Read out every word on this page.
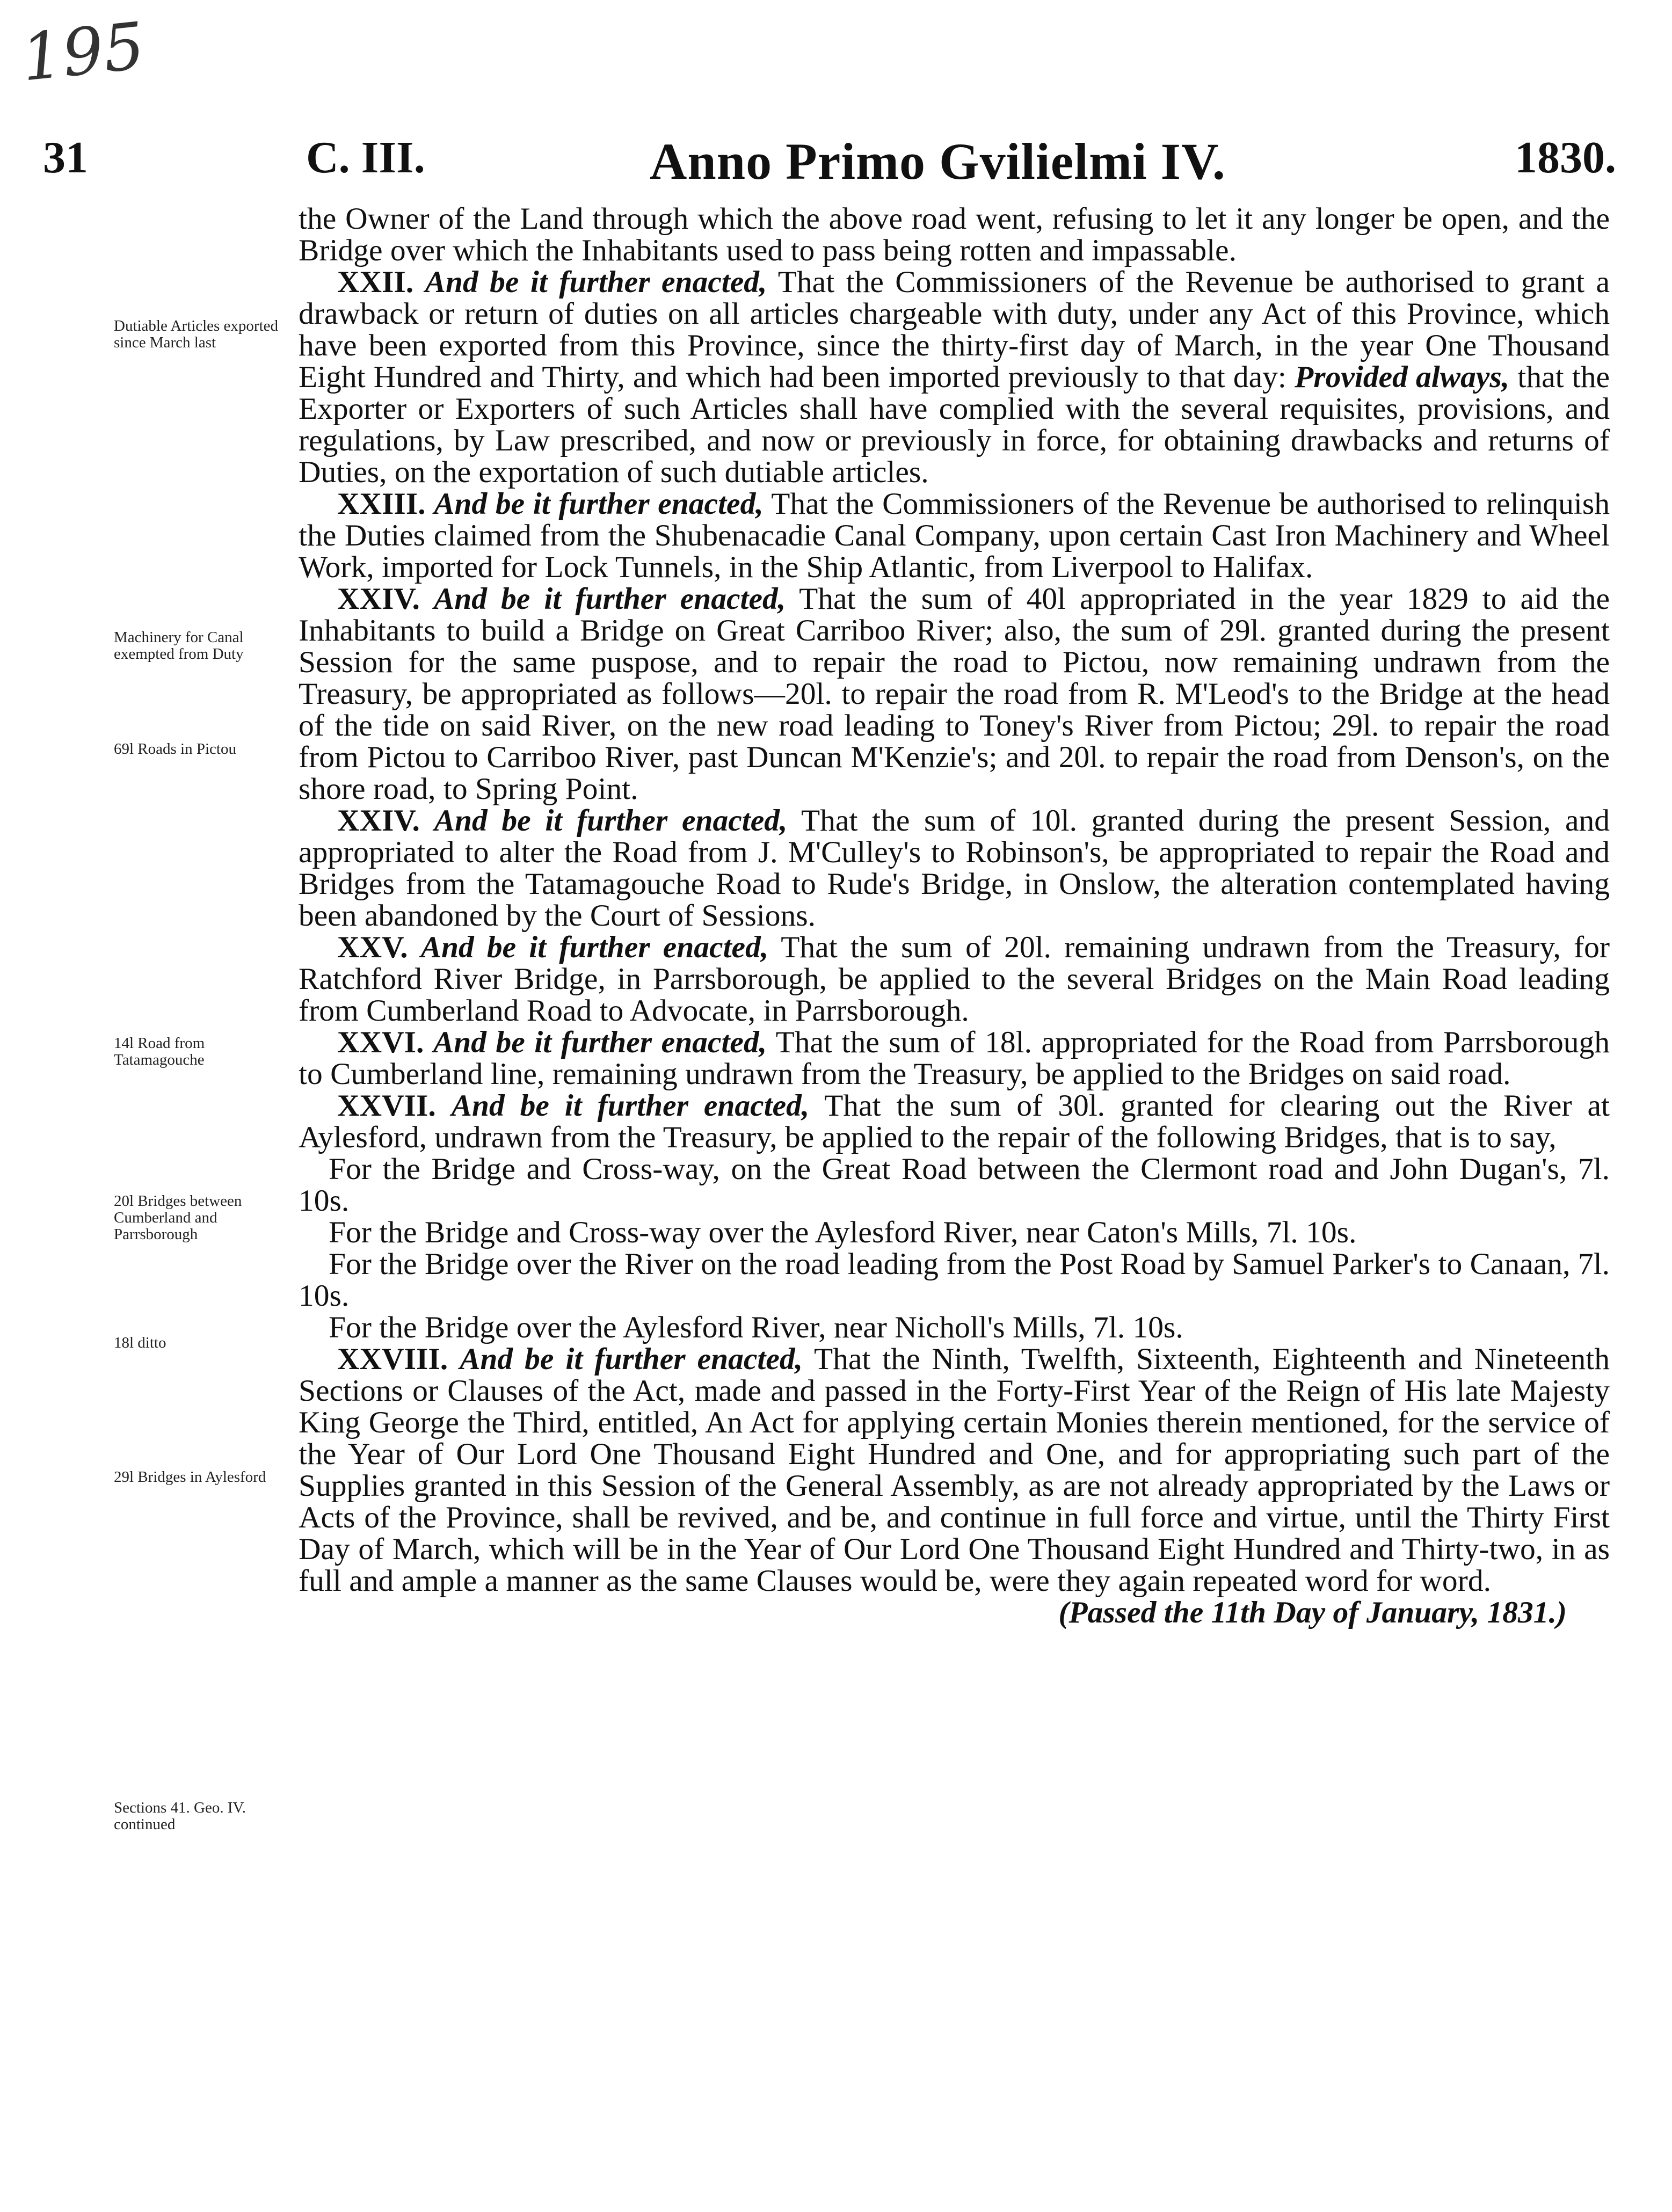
195
31	C. III.	Anno Primo Gvilielmi IV.	1830.
Dutiable Articles exported since March last
Machinery for Canal exempted from Duty
69l Roads in Pictou
14l Road from Tatamagouche
20l Bridges between Cumberland and Parrsborough
18l ditto
29l Bridges in Aylesford
Sections 41. Geo. IV. continued

the Owner of the Land through which the above road went, refusing to let it any longer be open, and the Bridge over which the Inhabitants used to pass being rotten and impassable.

XXII. And be it further enacted, That the Commissioners of the Revenue be authorised to grant a drawback or return of duties on all articles chargeable with duty, under any Act of this Province, which have been exported from this Province, since the thirty-first day of March, in the year One Thousand Eight Hundred and Thirty, and which had been imported previously to that day: Provided always, that the Exporter or Exporters of such Articles shall have complied with the several requisites, provisions, and regulations, by Law prescribed, and now or previously in force, for obtaining drawbacks and returns of Duties, on the exportation of such dutiable articles.

XXIII. And be it further enacted, That the Commissioners of the Revenue be authorised to relinquish the Duties claimed from the Shubenacadie Canal Company, upon certain Cast Iron Machinery and Wheel Work, imported for Lock Tunnels, in the Ship Atlantic, from Liverpool to Halifax.

XXIV. And be it further enacted, That the sum of 40l appropriated in the year 1829 to aid the Inhabitants to build a Bridge on Great Carriboo River; also, the sum of 29l. granted during the present Session for the same puspose, and to repair the road to Pictou, now remaining undrawn from the Treasury, be appropriated as follows—20l. to repair the road from R. M'Leod's to the Bridge at the head of the tide on said River, on the new road leading to Toney's River from Pictou; 29l. to repair the road from Pictou to Carriboo River, past Duncan M'Kenzie's; and 20l. to repair the road from Denson's, on the shore road, to Spring Point.

XXIV. And be it further enacted, That the sum of 10l. granted during the present Session, and appropriated to alter the Road from J. M'Culley's to Robinson's, be appropriated to repair the Road and Bridges from the Tatamagouche Road to Rude's Bridge, in Onslow, the alteration contemplated having been abandoned by the Court of Sessions.

XXV. And be it further enacted, That the sum of 20l. remaining undrawn from the Treasury, for Ratchford River Bridge, in Parrsborough, be applied to the several Bridges on the Main Road leading from Cumberland Road to Advocate, in Parrsborough.

XXVI. And be it further enacted, That the sum of 18l. appropriated for the Road from Parrsborough to Cumberland line, remaining undrawn from the Treasury, be applied to the Bridges on said road.

XXVII. And be it further enacted, That the sum of 30l. granted for clearing out the River at Aylesford, undrawn from the Treasury, be applied to the repair of the following Bridges, that is to say,

For the Bridge and Cross-way, on the Great Road between the Clermont road and John Dugan's, 7l. 10s.

For the Bridge and Cross-way over the Aylesford River, near Caton's Mills, 7l. 10s.

For the Bridge over the River on the road leading from the Post Road by Samuel Parker's to Canaan, 7l. 10s.

For the Bridge over the Aylesford River, near Nicholl's Mills, 7l. 10s.

XXVIII. And be it further enacted, That the Ninth, Twelfth, Sixteenth, Eighteenth and Nineteenth Sections or Clauses of the Act, made and passed in the Forty-First Year of the Reign of His late Majesty King George the Third, entitled, An Act for applying certain Monies therein mentioned, for the service of the Year of Our Lord One Thousand Eight Hundred and One, and for appropriating such part of the Supplies granted in this Session of the General Assembly, as are not already appropriated by the Laws or Acts of the Province, shall be revived, and be, and continue in full force and virtue, until the Thirty First Day of March, which will be in the Year of Our Lord One Thousand Eight Hundred and Thirty-two, in as full and ample a manner as the same Clauses would be, were they again repeated word for word.

(Passed the 11th Day of January, 1831.)
